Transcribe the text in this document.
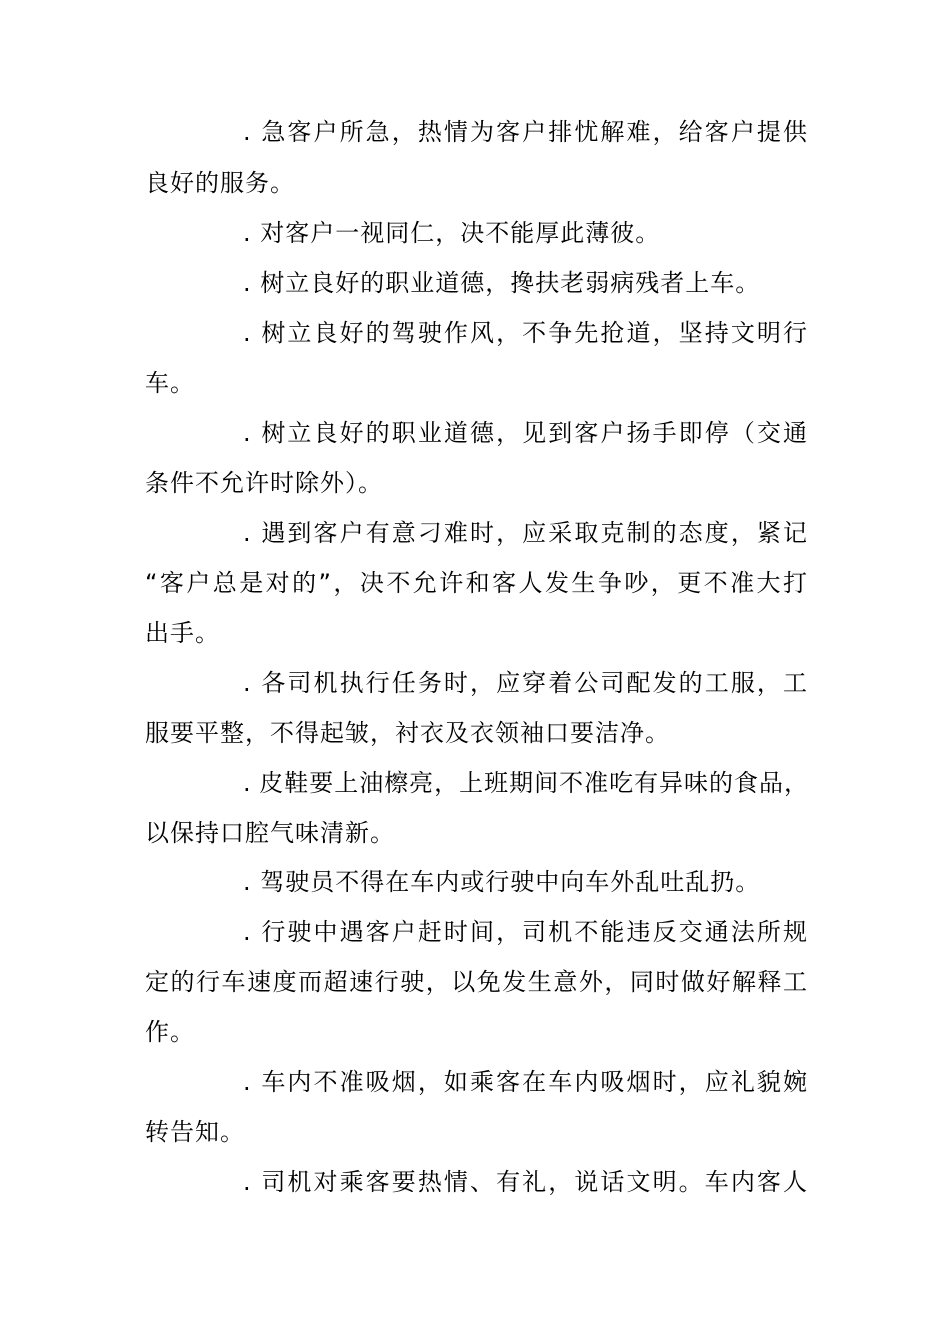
. 急客户所急，热情为客户排忧解难，给客户提供
良好的服务。
. 对客户一视同仁，决不能厚此薄彼。
. 树立良好的职业道德，搀扶老弱病残者上车。
. 树立良好的驾驶作风，不争先抢道，坚持文明行
车。
. 树立良好的职业道德，见到客户扬手即停（交通
条件不允许时除外）。
. 遇到客户有意刁难时，应采取克制的态度，紧记
“客户总是对的”，决不允许和客人发生争吵，更不准大打
出手。
. 各司机执行任务时，应穿着公司配发的工服，工
服要平整，不得起皱，衬衣及衣领袖口要洁净。
. 皮鞋要上油檫亮，上班期间不准吃有异味的食品，
以保持口腔气味清新。
. 驾驶员不得在车内或行驶中向车外乱吐乱扔。
. 行驶中遇客户赶时间，司机不能违反交通法所规
定的行车速度而超速行驶，以免发生意外，同时做好解释工
作。
. 车内不准吸烟，如乘客在车内吸烟时，应礼貌婉
转告知。
. 司机对乘客要热情、有礼，说话文明。车内客人
